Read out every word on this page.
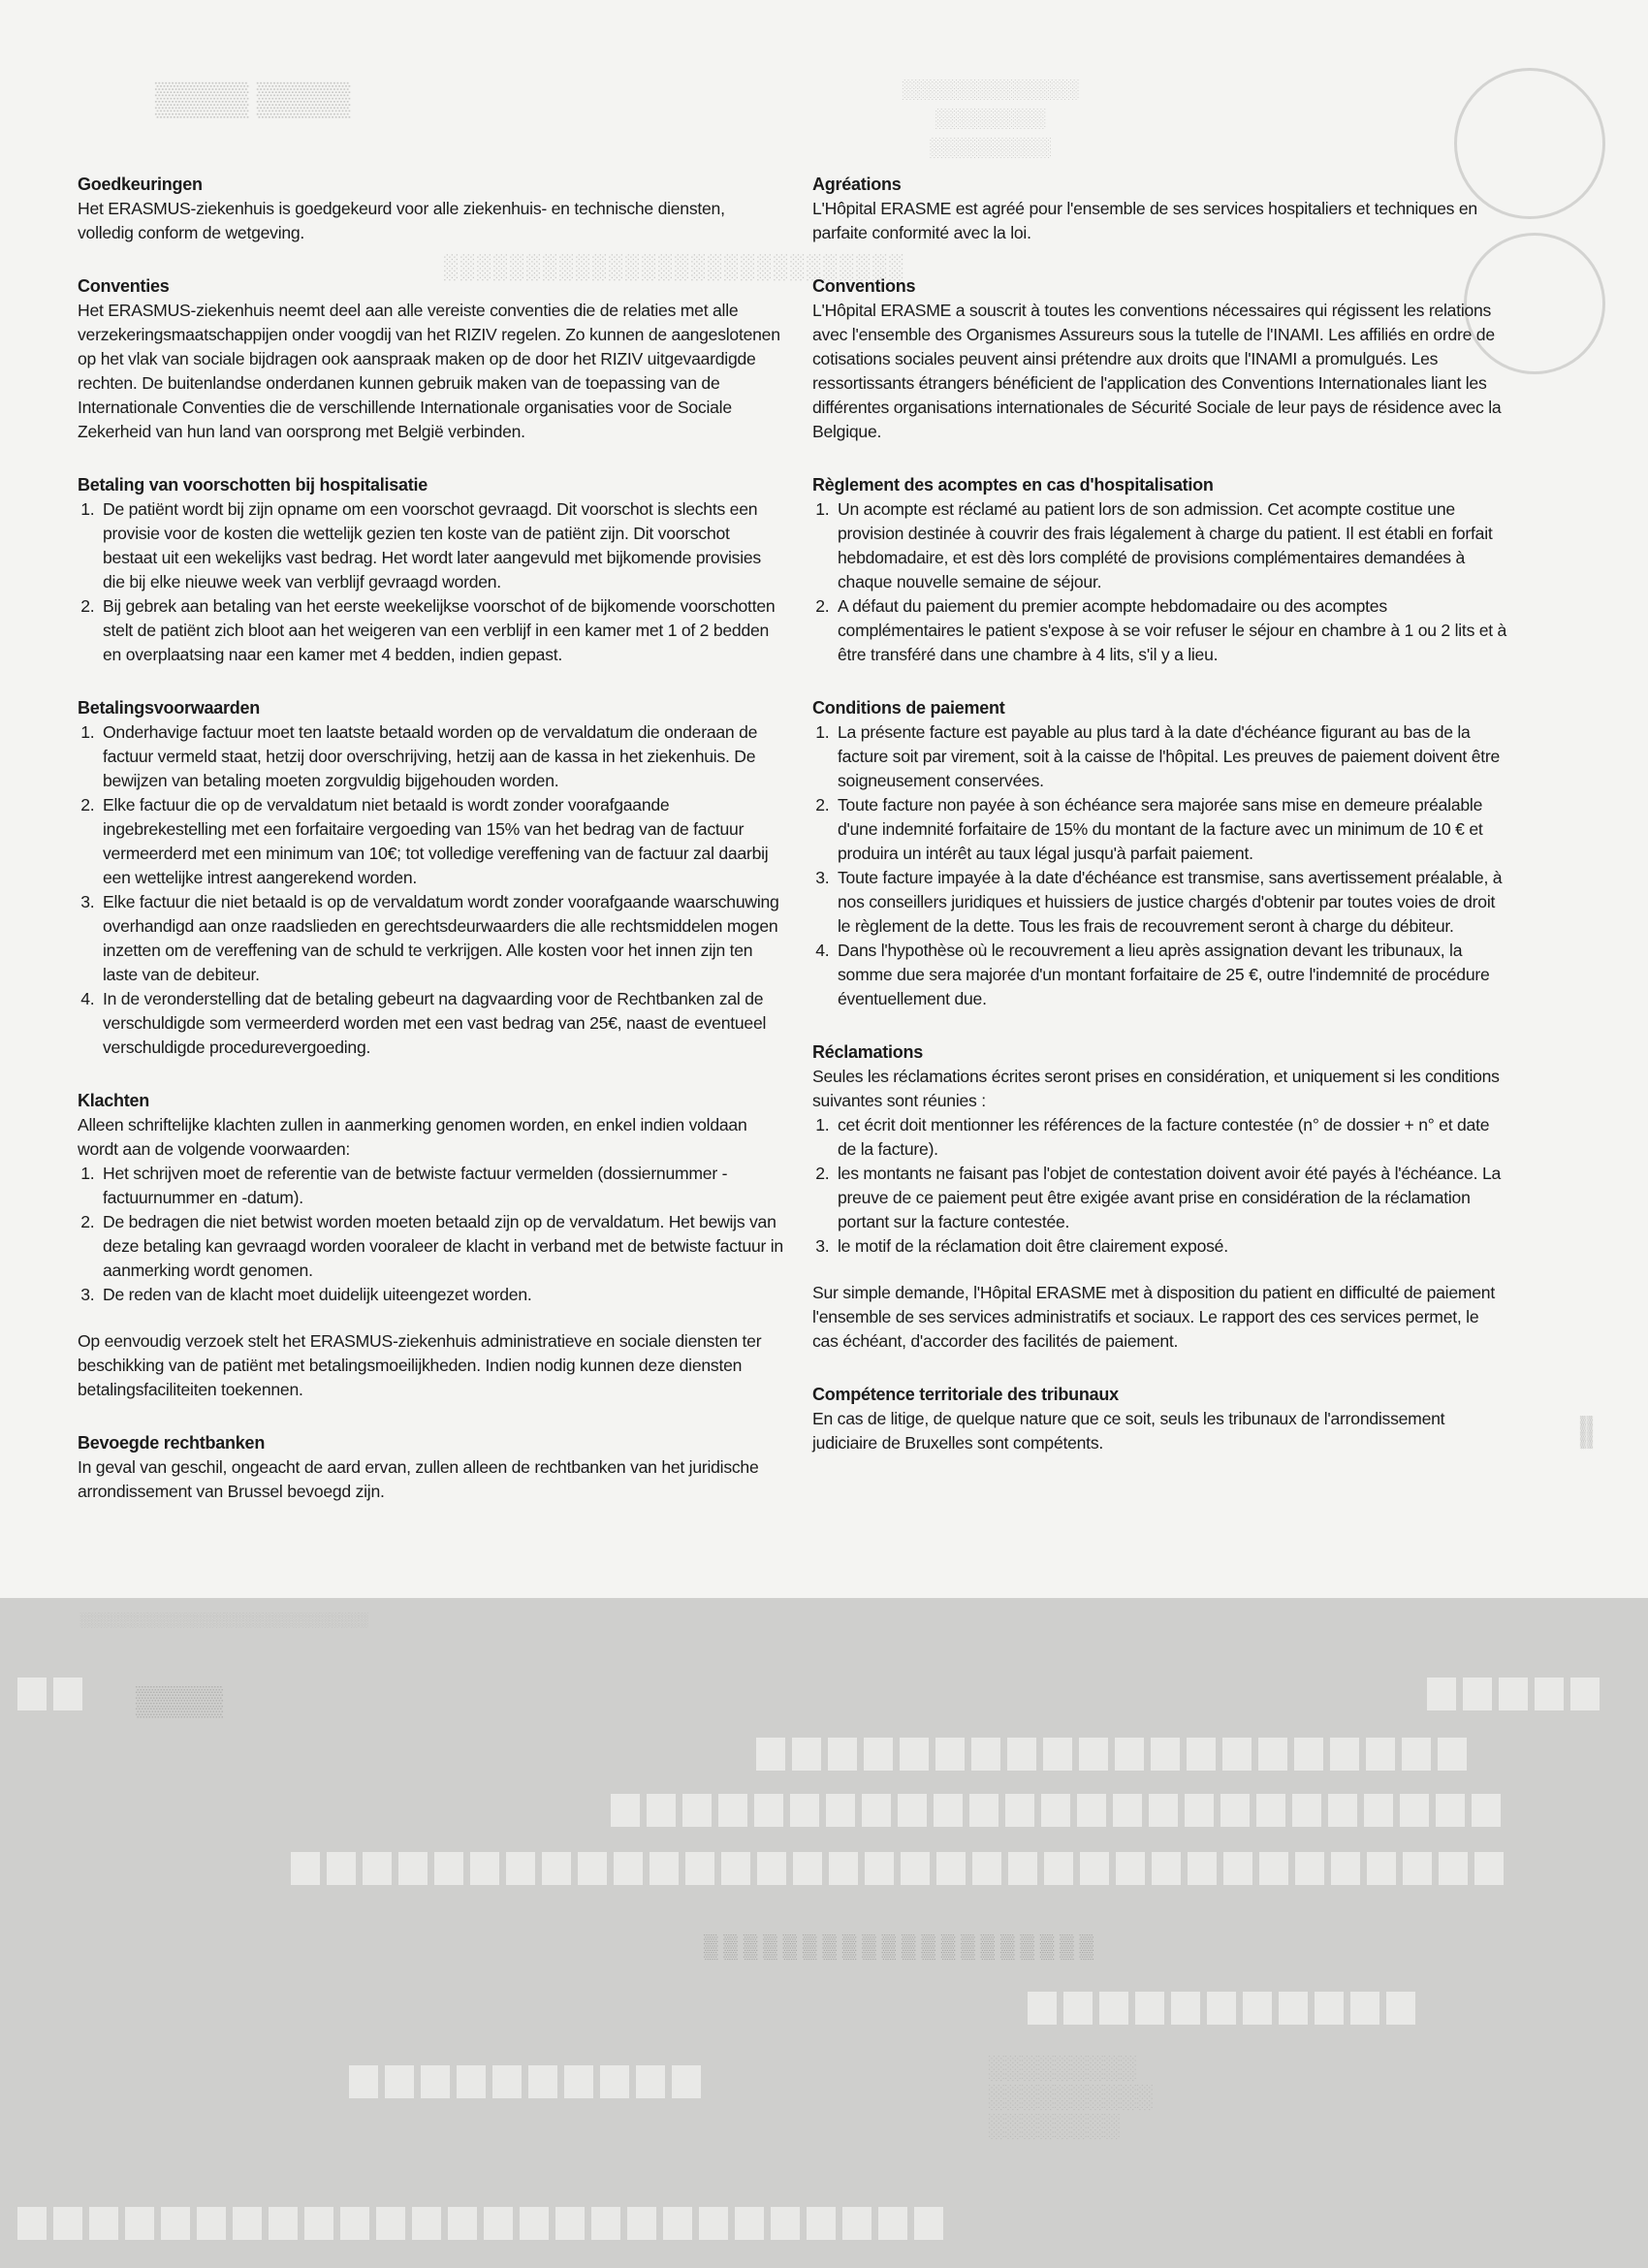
▒▒▒▒ ▒▒▒▒	░░░░░░░░░░░░░░░░
░░░░░░░░░░
░░░░░░░░░░░
░░░░░░░░░░░░░░░░░░░░░░░░░░░░
Goedkeuringen

Het ERASMUS-ziekenhuis is goedgekeurd voor alle ziekenhuis- en technische diensten, volledig conform de wetgeving.

Conventies

Het ERASMUS-ziekenhuis neemt deel aan alle vereiste conventies die de relaties met alle verzekeringsmaatschappijen onder voogdij van het RIZIV regelen. Zo kunnen de aangeslotenen op het vlak van sociale bijdragen ook aanspraak maken op de door het RIZIV uitgevaardigde rechten. De buitenlandse onderdanen kunnen gebruik maken van de toepassing van de Internationale Conventies die de verschillende Internationale organisaties voor de Sociale Zekerheid van hun land van oorsprong met België verbinden.

Betaling van voorschotten bij hospitalisatie
1. De patiënt wordt bij zijn opname om een voorschot gevraagd. Dit voorschot is slechts een provisie voor de kosten die wettelijk gezien ten koste van de patiënt zijn. Dit voorschot bestaat uit een wekelijks vast bedrag. Het wordt later aangevuld met bijkomende provisies die bij elke nieuwe week van verblijf gevraagd worden.
2. Bij gebrek aan betaling van het eerste weekelijkse voorschot of de bijkomende voorschotten stelt de patiënt zich bloot aan het weigeren van een verblijf in een kamer met 1 of 2 bedden en overplaatsing naar een kamer met 4 bedden, indien gepast.
Betalingsvoorwaarden
1. Onderhavige factuur moet ten laatste betaald worden op de vervaldatum die onderaan de factuur vermeld staat, hetzij door overschrijving, hetzij aan de kassa in het ziekenhuis. De bewijzen van betaling moeten zorgvuldig bijgehouden worden.
2. Elke factuur die op de vervaldatum niet betaald is wordt zonder voorafgaande ingebrekestelling met een forfaitaire vergoeding van 15% van het bedrag van de factuur vermeerderd met een minimum van 10€; tot volledige vereffening van de factuur zal daarbij een wettelijke intrest aangerekend worden.
3. Elke factuur die niet betaald is op de vervaldatum wordt zonder voorafgaande waarschuwing overhandigd aan onze raadslieden en gerechtsdeurwaarders die alle rechtsmiddelen mogen inzetten om de vereffening van de schuld te verkrijgen. Alle kosten voor het innen zijn ten laste van de debiteur.
4. In de veronderstelling dat de betaling gebeurt na dagvaarding voor de Rechtbanken zal de verschuldigde som vermeerderd worden met een vast bedrag van 25€, naast de eventueel verschuldigde procedurevergoeding.
Klachten

Alleen schriftelijke klachten zullen in aanmerking genomen worden, en enkel indien voldaan wordt aan de volgende voorwaarden:

1. Het schrijven moet de referentie van de betwiste factuur vermelden (dossiernummer - factuurnummer en -datum).
2. De bedragen die niet betwist worden moeten betaald zijn op de vervaldatum. Het bewijs van deze betaling kan gevraagd worden vooraleer de klacht in verband met de betwiste factuur in aanmerking wordt genomen.
3. De reden van de klacht moet duidelijk uiteengezet worden.

Op eenvoudig verzoek stelt het ERASMUS-ziekenhuis administratieve en sociale diensten ter beschikking van de patiënt met betalingsmoeilijkheden. Indien nodig kunnen deze diensten betalingsfaciliteiten toekennen.

Bevoegde rechtbanken

In geval van geschil, ongeacht de aard ervan, zullen alleen de rechtbanken van het juridische arrondissement van Brussel bevoegd zijn.

Agréations

L'Hôpital ERASME est agréé pour l'ensemble de ses services hospitaliers et techniques en parfaite conformité avec la loi.

Conventions

L'Hôpital ERASME a souscrit à toutes les conventions nécessaires qui régissent les relations avec l'ensemble des Organismes Assureurs sous la tutelle de l'INAMI. Les affiliés en ordre de cotisations sociales peuvent ainsi prétendre aux droits que l'INAMI a promulgués. Les ressortissants étrangers bénéficient de l'application des Conventions Internationales liant les différentes organisations internationales de Sécurité Sociale de leur pays de résidence avec la Belgique.

Règlement des acomptes en cas d'hospitalisation
1. Un acompte est réclamé au patient lors de son admission. Cet acompte costitue une provision destinée à couvrir des frais légalement à charge du patient. Il est établi en forfait hebdomadaire, et est dès lors complété de provisions complémentaires demandées à chaque nouvelle semaine de séjour.
2. A défaut du paiement du premier acompte hebdomadaire ou des acomptes complémentaires le patient s'expose à se voir refuser le séjour en chambre à 1 ou 2 lits et à être transféré dans une chambre à 4 lits, s'il y a lieu.
Conditions de paiement
1. La présente facture est payable au plus tard à la date d'échéance figurant au bas de la facture soit par virement, soit à la caisse de l'hôpital. Les preuves de paiement doivent être soigneusement conservées.
2. Toute facture non payée à son échéance sera majorée sans mise en demeure préalable d'une indemnité forfaitaire de 15% du montant de la facture avec un minimum de 10 € et produira un intérêt au taux légal jusqu'à parfait paiement.
3. Toute facture impayée à la date d'échéance est transmise, sans avertissement préalable, à nos conseillers juridiques et huissiers de justice chargés d'obtenir par toutes voies de droit le règlement de la dette. Tous les frais de recouvrement seront à charge du débiteur.
4. Dans l'hypothèse où le recouvrement a lieu après assignation devant les tribunaux, la somme due sera majorée d'un montant forfaitaire de 25 €, outre l'indemnité de procédure éventuellement due.
Réclamations

Seules les réclamations écrites seront prises en considération, et uniquement si les conditions suivantes sont réunies :

1. cet écrit doit mentionner les références de la facture contestée (n° de dossier + n° et date de la facture).
2. les montants ne faisant pas l'objet de contestation doivent avoir été payés à l'échéance. La preuve de ce paiement peut être exigée avant prise en considération de la réclamation portant sur la facture contestée.
3. le motif de la réclamation doit être clairement exposé.

Sur simple demande, l'Hôpital ERASME met à disposition du patient en difficulté de paiement l'ensemble de ses services administratifs et sociaux. Le rapport des ces services permet, le cas échéant, d'accorder des facilités de paiement.

Compétence territoriale des tribunaux

En cas de litige, de quelque nature que ce soit, seuls les tribunaux de l'arrondissement judiciaire de Bruxelles sont compétents.

░░░░░░░░░░░░░░░░░░░░░░░░░░░░░░
▒▒▒▒▒
▒▒▒▒▒▒▒▒▒▒▒▒▒▒▒▒▒▒▒▒
░░░░░░░░░
░░░░░░░░░░
░░░░░░░░
▒▒▒▒
